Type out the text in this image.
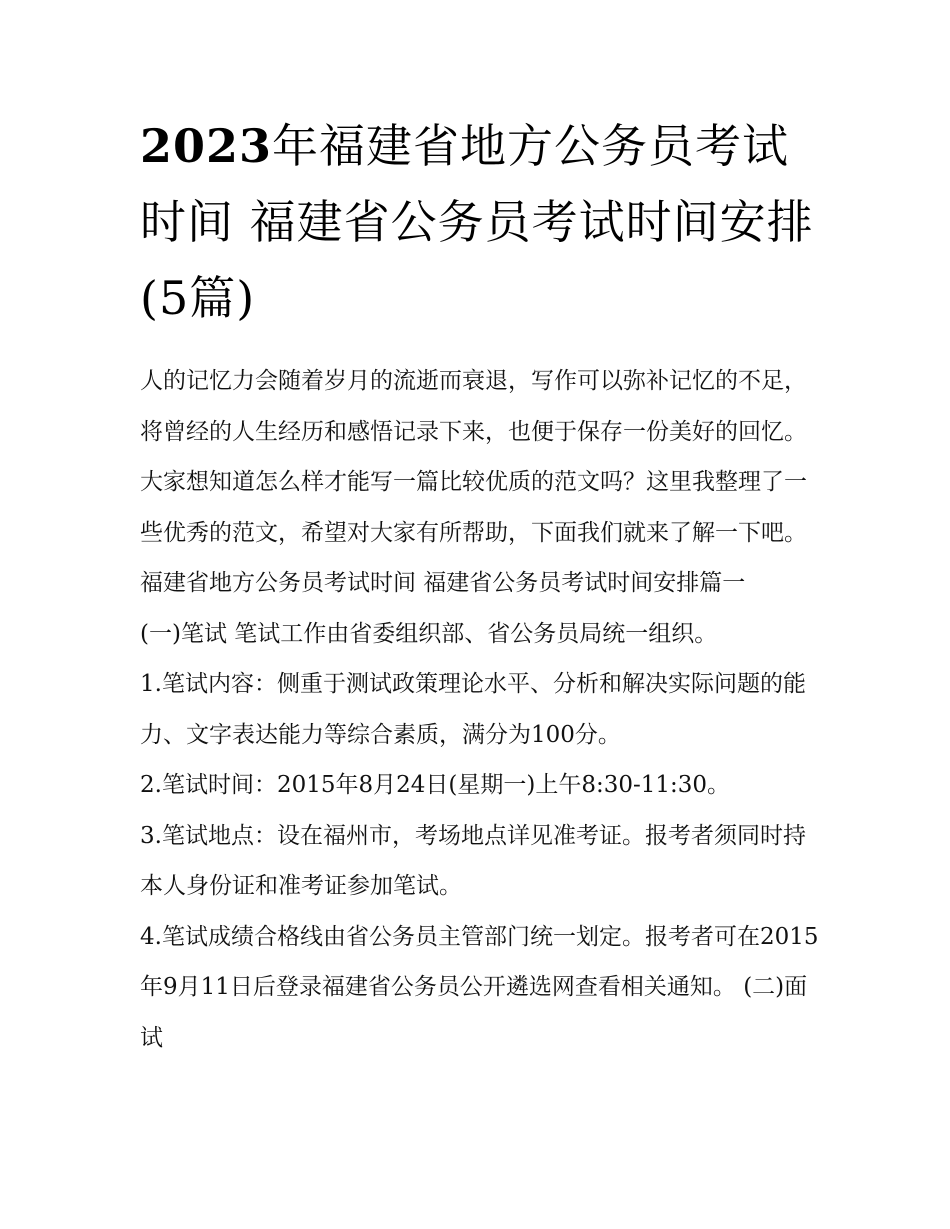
2023年福建省地方公务员考试时间 福建省公务员考试时间安排(5篇)

人的记忆力会随着岁月的流逝而衰退，写作可以弥补记忆的不足，将曾经的人生经历和感悟记录下来，也便于保存一份美好的回忆。大家想知道怎么样才能写一篇比较优质的范文吗？这里我整理了一些优秀的范文，希望对大家有所帮助，下面我们就来了解一下吧。

福建省地方公务员考试时间 福建省公务员考试时间安排篇一

(一)笔试 笔试工作由省委组织部、省公务员局统一组织。

1.笔试内容：侧重于测试政策理论水平、分析和解决实际问题的能力、文字表达能力等综合素质，满分为100分。

2.笔试时间：2015年8月24日(星期一)上午8:30-11:30。

3.笔试地点：设在福州市，考场地点详见准考证。报考者须同时持本人身份证和准考证参加笔试。

4.笔试成绩合格线由省公务员主管部门统一划定。报考者可在2015年9月11日后登录福建省公务员公开遴选网查看相关通知。 (二)面试
